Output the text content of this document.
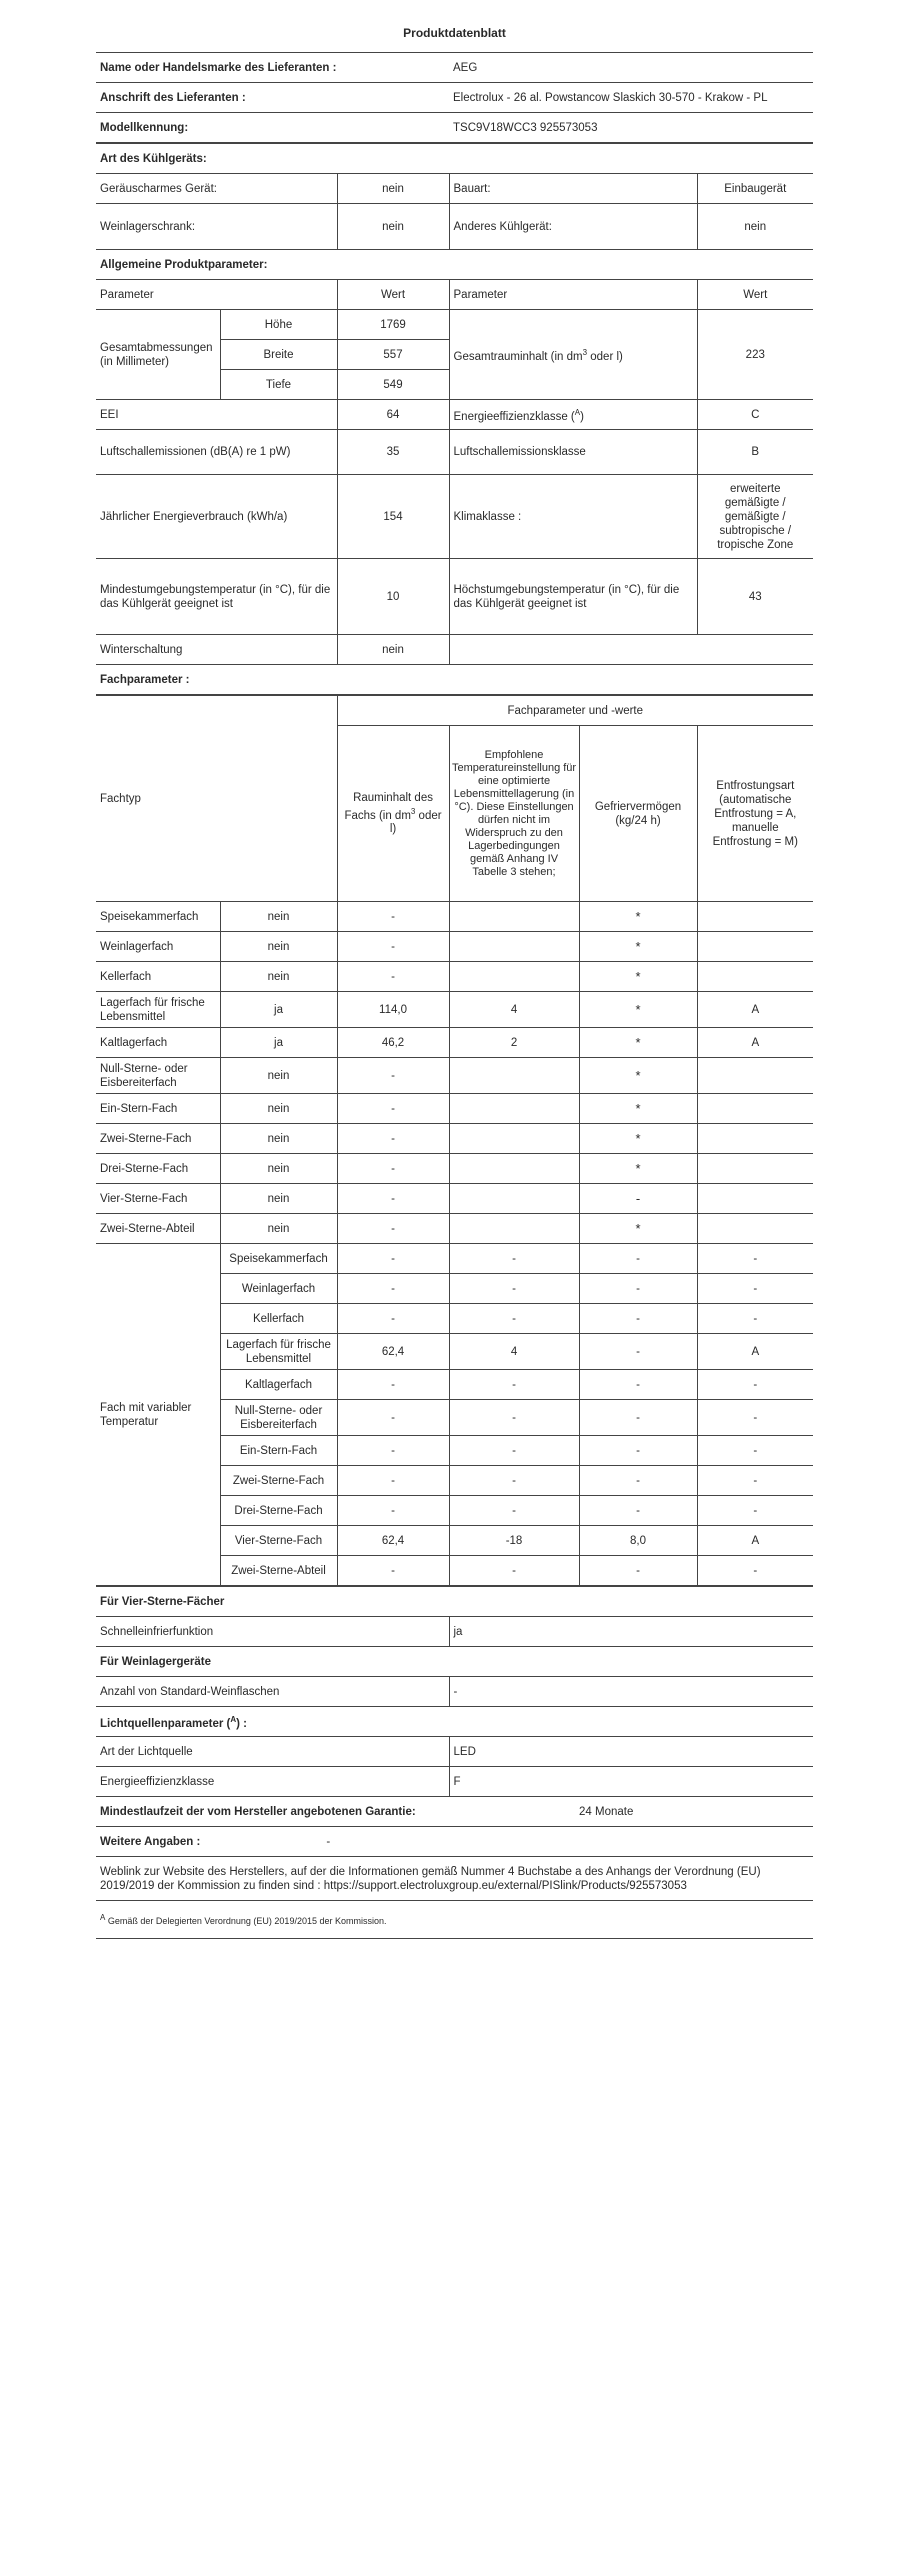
Produktdatenblatt
Name oder Handelsmarke des Lieferanten :	AEG
Anschrift des Lieferanten :	Electrolux - 26 al. Powstancow Slaskich 30-570 - Krakow - PL
Modellkennung:	TSC9V18WCC3 925573053
Art des Kühlgeräts:				
Geräuscharmes Gerät:		nein	Bauart:	Einbaugerät
Weinlagerschrank:		nein	Anderes Kühlgerät:	nein
Allgemeine Produktparameter:				
Parameter		Wert	Parameter	Wert
Gesamtabmessungen (in Millimeter)	Höhe	1769	Gesamtrauminhalt (in $dm^3$ oder l)	223
	Breite	557		
	Tiefe	549		
EEI		64	Energieeffizienzklasse ($^A$)	C
Luftschallemissionen (dB(A) re 1 pW)		35	Luftschallemissionsklasse	B
Jährlicher Energieverbrauch (kWh/a)		154	Klimaklasse :	erweiterte gemäßigte / gemäßigte / subtropische / tropische Zone
Mindestumgebungstemperatur (in °C), für die das Kühlgerät geeignet ist		10	Höchstumgebungstemperatur (in °C), für die das Kühlgerät geeignet ist	43
Winterschaltung		nein		
Fachparameter :				
Fachtyp		Fachparameter und -werte			
		Rauminhalt des Fachs (in $dm^3$ oder l)	Empfohlene Temperatureinstellung für eine optimierte Lebensmittellagerung (in °C). Diese Einstellungen dürfen nicht im Widerspruch zu den Lagerbedingungen gemäß Anhang IV Tabelle 3 stehen;	Gefriervermögen (kg/24 h)	Entfrostungsart (automatische Entfrostung = A, manuelle Entfrostung = M)
Speisekammerfach	nein	-		*	
Weinlagerfach	nein	-		*	
Kellerfach	nein	-		*	
Lagerfach für frische Lebensmittel	ja	114,0	4	*	A
Kaltlagerfach	ja	46,2	2	*	A
Null-Sterne- oder Eisbereiterfach	nein	-		*	
Ein-Stern-Fach	nein	-		*	
Zwei-Sterne-Fach	nein	-		*	
Drei-Sterne-Fach	nein	-		*	
Vier-Sterne-Fach	nein	-		-	
Zwei-Sterne-Abteil	nein	-		*	
Fach mit variabler Temperatur	Speisekammerfach	-	-	-	-
	Weinlagerfach	-	-	-	-
	Kellerfach	-	-	-	-
	Lagerfach für frische Lebensmittel	62,4	4	-	A
	Kaltlagerfach	-	-	-	-
	Null-Sterne- oder Eisbereiterfach	-	-	-	-
	Ein-Stern-Fach	-	-	-	-
	Zwei-Sterne-Fach	-	-	-	-
	Drei-Sterne-Fach	-	-	-	-
	Vier-Sterne-Fach	62,4	-18	8,0	A
	Zwei-Sterne-Abteil	-	-	-	-
Für Vier-Sterne-Fächer	
Schnelleinfrierfunktion	ja
Für Weinlagergeräte	
Anzahl von Standard-Weinflaschen	-
Lichtquellenparameter ($^A$) :	
Art der Lichtquelle	LED
Energieeffizienzklasse	F
Mindestlaufzeit der vom Hersteller angebotenen Garantie:	24 Monate
Weitere Angaben : -	
Weblink zur Website des Herstellers, auf der die Informationen gemäß Nummer 4 Buchstabe a des Anhangs der Verordnung (EU) 2019/2019 der Kommission zu finden sind : https://support.electroluxgroup.eu/external/PISlink/Products/925573053	
$^A$ Gemäß der Delegierten Verordnung (EU) 2019/2015 der Kommission.	
